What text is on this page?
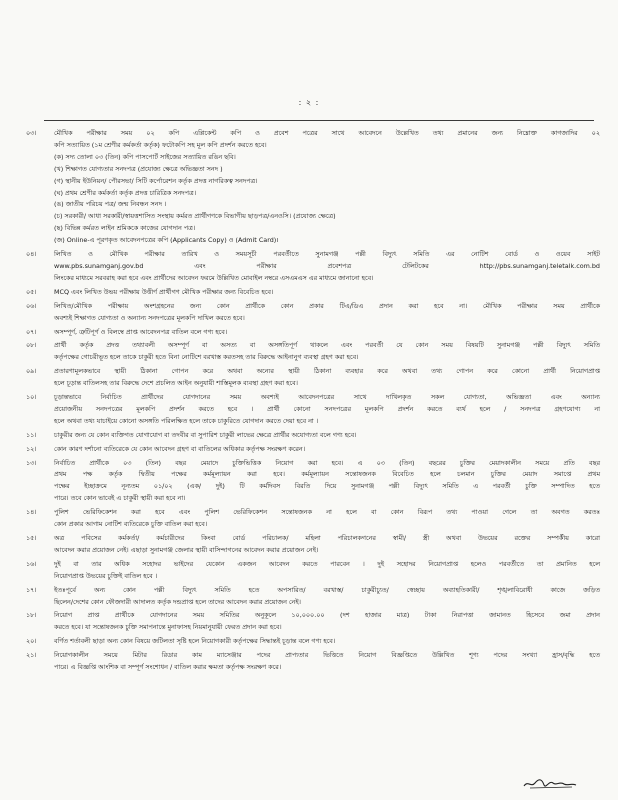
: ২ :
০৩।	মৌখিক পরীক্ষার সময় ০২ কপি এপ্লিকেন্ট কপি ও প্রবেশ পত্রের সাথে আবেদনে উল্লেখিত তথ্য প্রমানের জন্য নিম্নোক্ত কাগজাদির ০২
কপি সত্যায়িত (১ম শ্রেণীর কর্মকর্তা কর্তৃক) ফটোকপি সহ মূল কপি প্রদর্শন করতে হবে।
(ক) সদ্য তোলা ০৩ (তিন) কপি পাসপোর্ট সাইজের সত্যায়িত রঙিন ছবি।
(খ) শিক্ষাগত যোগ্যতার সনদপত্র (প্রযোজ্য ক্ষেত্রে অভিজ্ঞতা সনদ )
(গ) স্থানীয় ইউনিয়ন/ পৌরসভা/ সিটি কর্পোরেশন কর্তৃক প্রদত্ত নাগরিকত্ব সনদপত্র।
(ঘ) প্রথম শ্রেণীর কর্মকর্তা কর্তৃক প্রদত্ত চারিত্রিক সনদপত্র।
(ঙ) জাতীয় পরিচয় পত্র/ জন্ম নিবন্ধন সনদ ।
(চ) সরকারী/ আধা সরকারী/স্বায়ত্তশাসিত সংস্থায় কর্মরত প্রার্থীগণকে বিভাগীয় ছাড়পত্র/এনওসি। (প্রযোজ্য ক্ষেত্রে)
(ছ) বিভিন্ন কর্মরত লাইন শ্রমিককে কাজের যোগদান পত্র।
(জ) Online-এ পূরণকৃত আবেদনপত্রের কপি (Applicants Copy) ও (Admit Card)।
০৪।	লিখিত ও মৌখিক পরীক্ষার তারিখ ও সময়সূচী পরবর্তীতে সুনামগঞ্জ পল্লী বিদ্যুৎ সমিতি এর নোটিশ বোর্ড ও ওয়েব সাইট
www.pbs.sunamganj.gov.bd এবং পরীক্ষার প্রবেশপত্র টেলিটকের http://pbs.sunamganj.teletalk.com.bd
লিংকের মাধ্যমে সরবরাহ করা হবে এবং প্রার্থীদের আবেদন ফরমে উল্লিখিত মোবাইল নম্বরে এসএমএস এর মাধ্যমে জানানো হবে।
০৫।	MCQ এবং লিখিত উভয় পরীক্ষায় উত্তীর্ণ প্রার্থীগণ মৌখিক পরীক্ষার জন্য বিবেচিত হবে।
০৬।	লিখিত/মৌখিক পরীক্ষায় অংশগ্রহনের জন্য কোন প্রার্থীকে কোন প্রকার টিএ/ডিএ প্রদান করা হবে না। মৌখিক পরীক্ষার সময় প্রার্থীকে
অবশ্যই শিক্ষাগত যোগ্যতা ও অন্যান্য সনদপত্রের মূলকপি দাখিল করতে হবে।
০৭।	অসম্পূর্ণ, ত্রুটিপূর্ণ ও বিলম্বে প্রাপ্ত আবেদনপত্র বাতিল বলে গণ্য হবে।
০৮।	প্রার্থী কর্তৃক প্রদত্ত তথ্যাবলী অসম্পূর্ণ বা অসত্য বা অসঙ্গতিপূর্ণ থাকলে এবং পরবর্তী যে কোন সময় বিষয়টি সুনামগঞ্জ পল্লী বিদ্যুৎ সমিতি
কর্তৃপক্ষের গোচরীভূত হলে তাকে চাকুরী হতে বিনা নোটিশে বরখাস্ত করতসহ তার বিরুদ্ধে আইনানুগ ব্যবস্থা গ্রহণ করা হবে।
০৯।	প্রতারণামূলকভাবে স্থায়ী ঠিকানা গোপন করে অথবা অন্যের স্থায়ী ঠিকানা ব্যবহার করে অথবা তথ্য গোপন করে কোনো প্রার্থী নিয়োগপ্রাপ্ত
হলে চূড়ান্ত বাতিলসহ তার বিরুদ্ধে দেশে প্রচলিত আইন অনুযায়ী শাস্তিমূলক ব্যবস্থা গ্রহণ করা হবে।
১০।	চূড়ান্তভাবে নির্বাচিত প্রার্থীদের যোগদানের সময় অবশ্যই আবেদনপত্রের সাথে দাখিলকৃত সকল যোগ্যতা, অভিজ্ঞতা এবং অন্যান্য
প্রয়োজনীয় সনদপত্রের মূলকপি প্রদর্শন করতে হবে । প্রার্থী কোনো সনদপত্রের মূলকপি প্রদর্শন করতে ব্যর্থ হলে / সনদপত্র গ্রহণযোগ্য না
হলে অথবা তথ্য যাচাইয়ে কোনো অসঙ্গতি পরিলক্ষিত হলে তাকে চাকুরিতে যোগদান করতে দেয়া হবে না ।
১১।	চাকুরীর জন্য যে কোন ব্যক্তিগত যোগাযোগ বা তদবীর বা সুপারিশ চাকুরী লাভের ক্ষেত্রে প্রার্থীর অযোগ্যতা বলে গণ্য হবে।
১২।	কোন কারণ দর্শানো ব্যতিরেকে যে কোন আবেদন গ্রহণ বা বাতিলের অধিকার কর্তৃপক্ষ সংরক্ষণ করেন।
১৩।	নির্বাচিত প্রার্থীকে ০৩ (তিন) বছর মেয়াদে চুক্তিভিত্তিক নিয়োগ করা হবে। এ ০৩ (তিন) বছরের চুক্তির মেয়াদকালীন সময়ে প্রতি বছর
প্রথম পক্ষ কর্তৃক দ্বিতীয় পক্ষের কর্মমূল্যায়ন করা হবে। কর্মমূল্যায়ন সন্তোষজনক বিবেচিত হলে চলমান চুক্তির মেয়াদ সমাপ্তে প্রথম
পক্ষের ইচ্ছাক্রমে নূন্যতম ০১/০২ (এক/ দুই) টি কর্মদিবস বিরতি দিয়ে সুনামগঞ্জ পল্লী বিদ্যুৎ সমিতি এ পরবর্তী চুক্তি সম্পাদিত হতে
পারে। তবে কোন ভাবেই এ চাকুরী স্থায়ী করা হবে না।
১৪।	পুলিশ ভেরিফিকেশন করা হবে এবং পুলিশ ভেরিফিকেশন সন্তোষজনক না হলে বা কোন বিরূপ তথ্য পাওয়া গেলে তা অবগত করতঃ
কোন প্রকার আগাম নোটিশ ব্যতিরেকে চুক্তি বাতিল করা হবে।
১৫।	অত্র পবিসের কর্মকর্তা/ কর্মচারীদের কিংবা বোর্ড পরিচালক/ মহিলা পরিচালকগনের স্বামী/ স্ত্রী অথবা উভয়ের রক্তের সম্পর্কীয় কারো
আবেদন করার প্রয়োজন নেই। এছাড়া সুনামগঞ্জ জেলার স্থায়ী বাসিন্দাগনের আবেদন করার প্রয়োজন নেই।
১৬।	দুই বা তার অধিক সহোদর ভাইদের যেকোন একজন আবেদন করতে পারবেন । দুই সহোদর নিয়োগপ্রাপ্ত হলেও পরবর্তীতে তা প্রমানিত হলে
নিয়োগপ্রাপ্ত উভয়ের চুক্তিই বাতিল হবে ।
১৭।	ইতঃপূর্বে অন্য কোন পল্লী বিদ্যুৎ সমিতি হতে অপসারিত/ বরখাস্ত/ চাকুরীচ্যুত/ স্বেচ্ছায় অব্যাহতিকারী/ শৃঙ্খলাবিরোধী কাজে জড়িত
ছিলেন/দেশের কোন ফৌজদারী আদালত কর্তৃক দন্ডপ্রাপ্ত হলে তাদের আবেদন করার প্রয়োজন নেই।
১৮।	নিয়োগ প্রাপ্ত প্রার্থীকে যোগদানের সময় সমিতির অনুকূলে ১০,০০০.০০ (দশ হাজার মাত্র) টাকা নিরাপত্তা জামানত হিসেবে জমা প্রদান
করতে হবে। যা সন্তোষজনক চুক্তি সমাপনান্তে মুনাফাসহ নিয়মানুযায়ী ফেরত প্রদান করা হবে।
২০।	বর্ণিত শর্তাবলী ছাড়া অন্য কোন বিষয়ে জটিলতা সৃষ্টি হলে নিয়োগকারী কর্তৃপক্ষের সিদ্ধান্তই চূড়ান্ত বলে গণ্য হবে।
২১।	নিয়োগকালীন সময়ে মিটার রিডার কাম ম্যাসেঞ্জার পদের প্রাপ্যতার ভিত্তিতে নিয়োগ বিজ্ঞপ্তিতে উল্লিখিত শূণ্য পদের সংখ্যা হ্রাস/বৃদ্ধি হতে
পারে। এ বিজ্ঞপ্তি আংশিক বা সম্পূর্ণ সংশোধন / বাতিল করার ক্ষমতা কর্তৃপক্ষ সংরক্ষণ করে।
